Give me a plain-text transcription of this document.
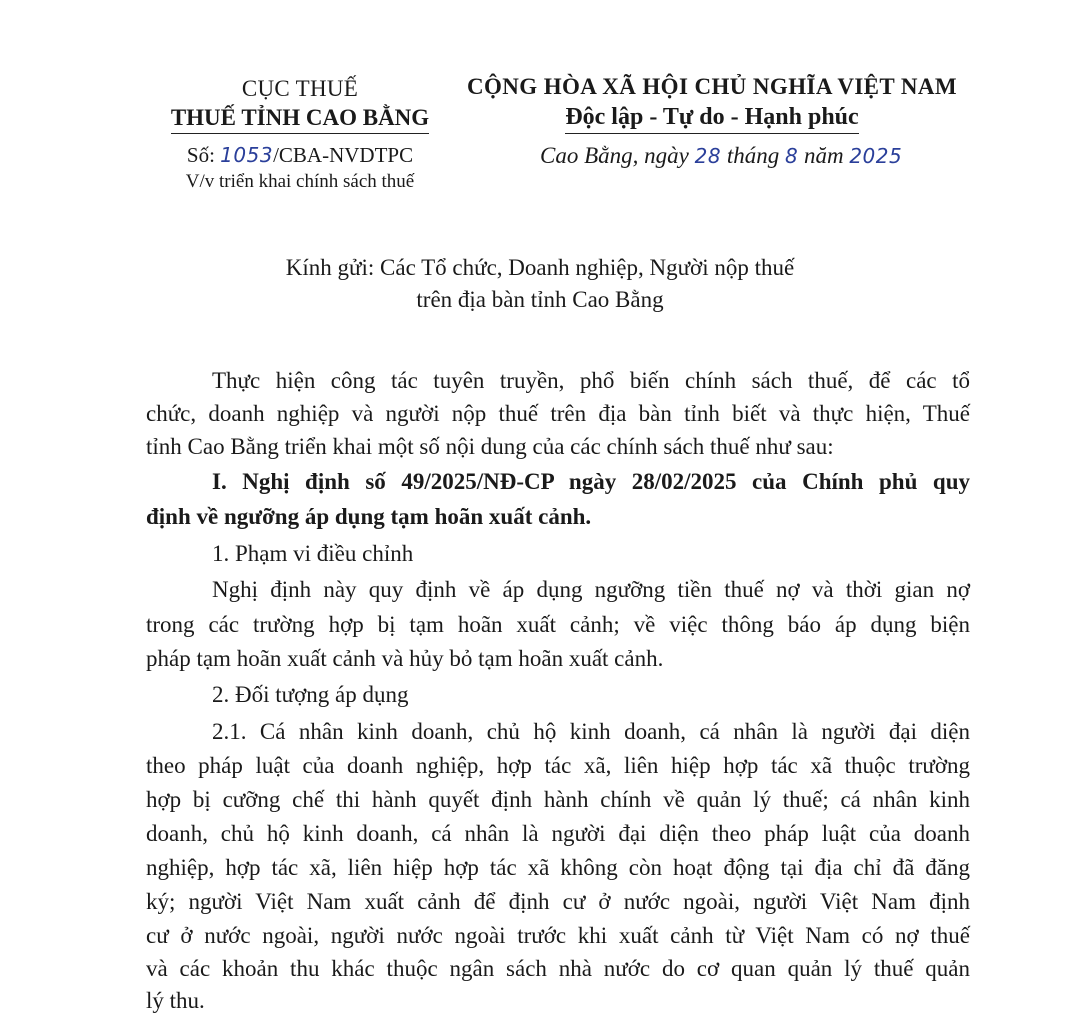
CỤC THUẾ
THUẾ TỈNH CAO BẰNG
CỘNG HÒA XÃ HỘI CHỦ NGHĨA VIỆT NAM
Độc lập - Tự do - Hạnh phúc
Số: 1053/CBA-NVDTPC
V/v triển khai chính sách thuế
Cao Bằng, ngày 28 tháng 8 năm 2025
Kính gửi: Các Tổ chức, Doanh nghiệp, Người nộp thuế
trên địa bàn tỉnh Cao Bằng
Thực hiện công tác tuyên truyền, phổ biến chính sách thuế, để các tổ
chức, doanh nghiệp và người nộp thuế trên địa bàn tỉnh biết và thực hiện, Thuế
tỉnh Cao Bằng triển khai một số nội dung của các chính sách thuế như sau:
I. Nghị định số 49/2025/NĐ-CP ngày 28/02/2025 của Chính phủ quy
định về ngưỡng áp dụng tạm hoãn xuất cảnh.
1. Phạm vi điều chỉnh
Nghị định này quy định về áp dụng ngưỡng tiền thuế nợ và thời gian nợ
trong các trường hợp bị tạm hoãn xuất cảnh; về việc thông báo áp dụng biện
pháp tạm hoãn xuất cảnh và hủy bỏ tạm hoãn xuất cảnh.
2. Đối tượng áp dụng
2.1. Cá nhân kinh doanh, chủ hộ kinh doanh, cá nhân là người đại diện
theo pháp luật của doanh nghiệp, hợp tác xã, liên hiệp hợp tác xã thuộc trường
hợp bị cưỡng chế thi hành quyết định hành chính về quản lý thuế; cá nhân kinh
doanh, chủ hộ kinh doanh, cá nhân là người đại diện theo pháp luật của doanh
nghiệp, hợp tác xã, liên hiệp hợp tác xã không còn hoạt động tại địa chỉ đã đăng
ký; người Việt Nam xuất cảnh để định cư ở nước ngoài, người Việt Nam định
cư ở nước ngoài, người nước ngoài trước khi xuất cảnh từ Việt Nam có nợ thuế
và các khoản thu khác thuộc ngân sách nhà nước do cơ quan quản lý thuế quản
lý thu.
